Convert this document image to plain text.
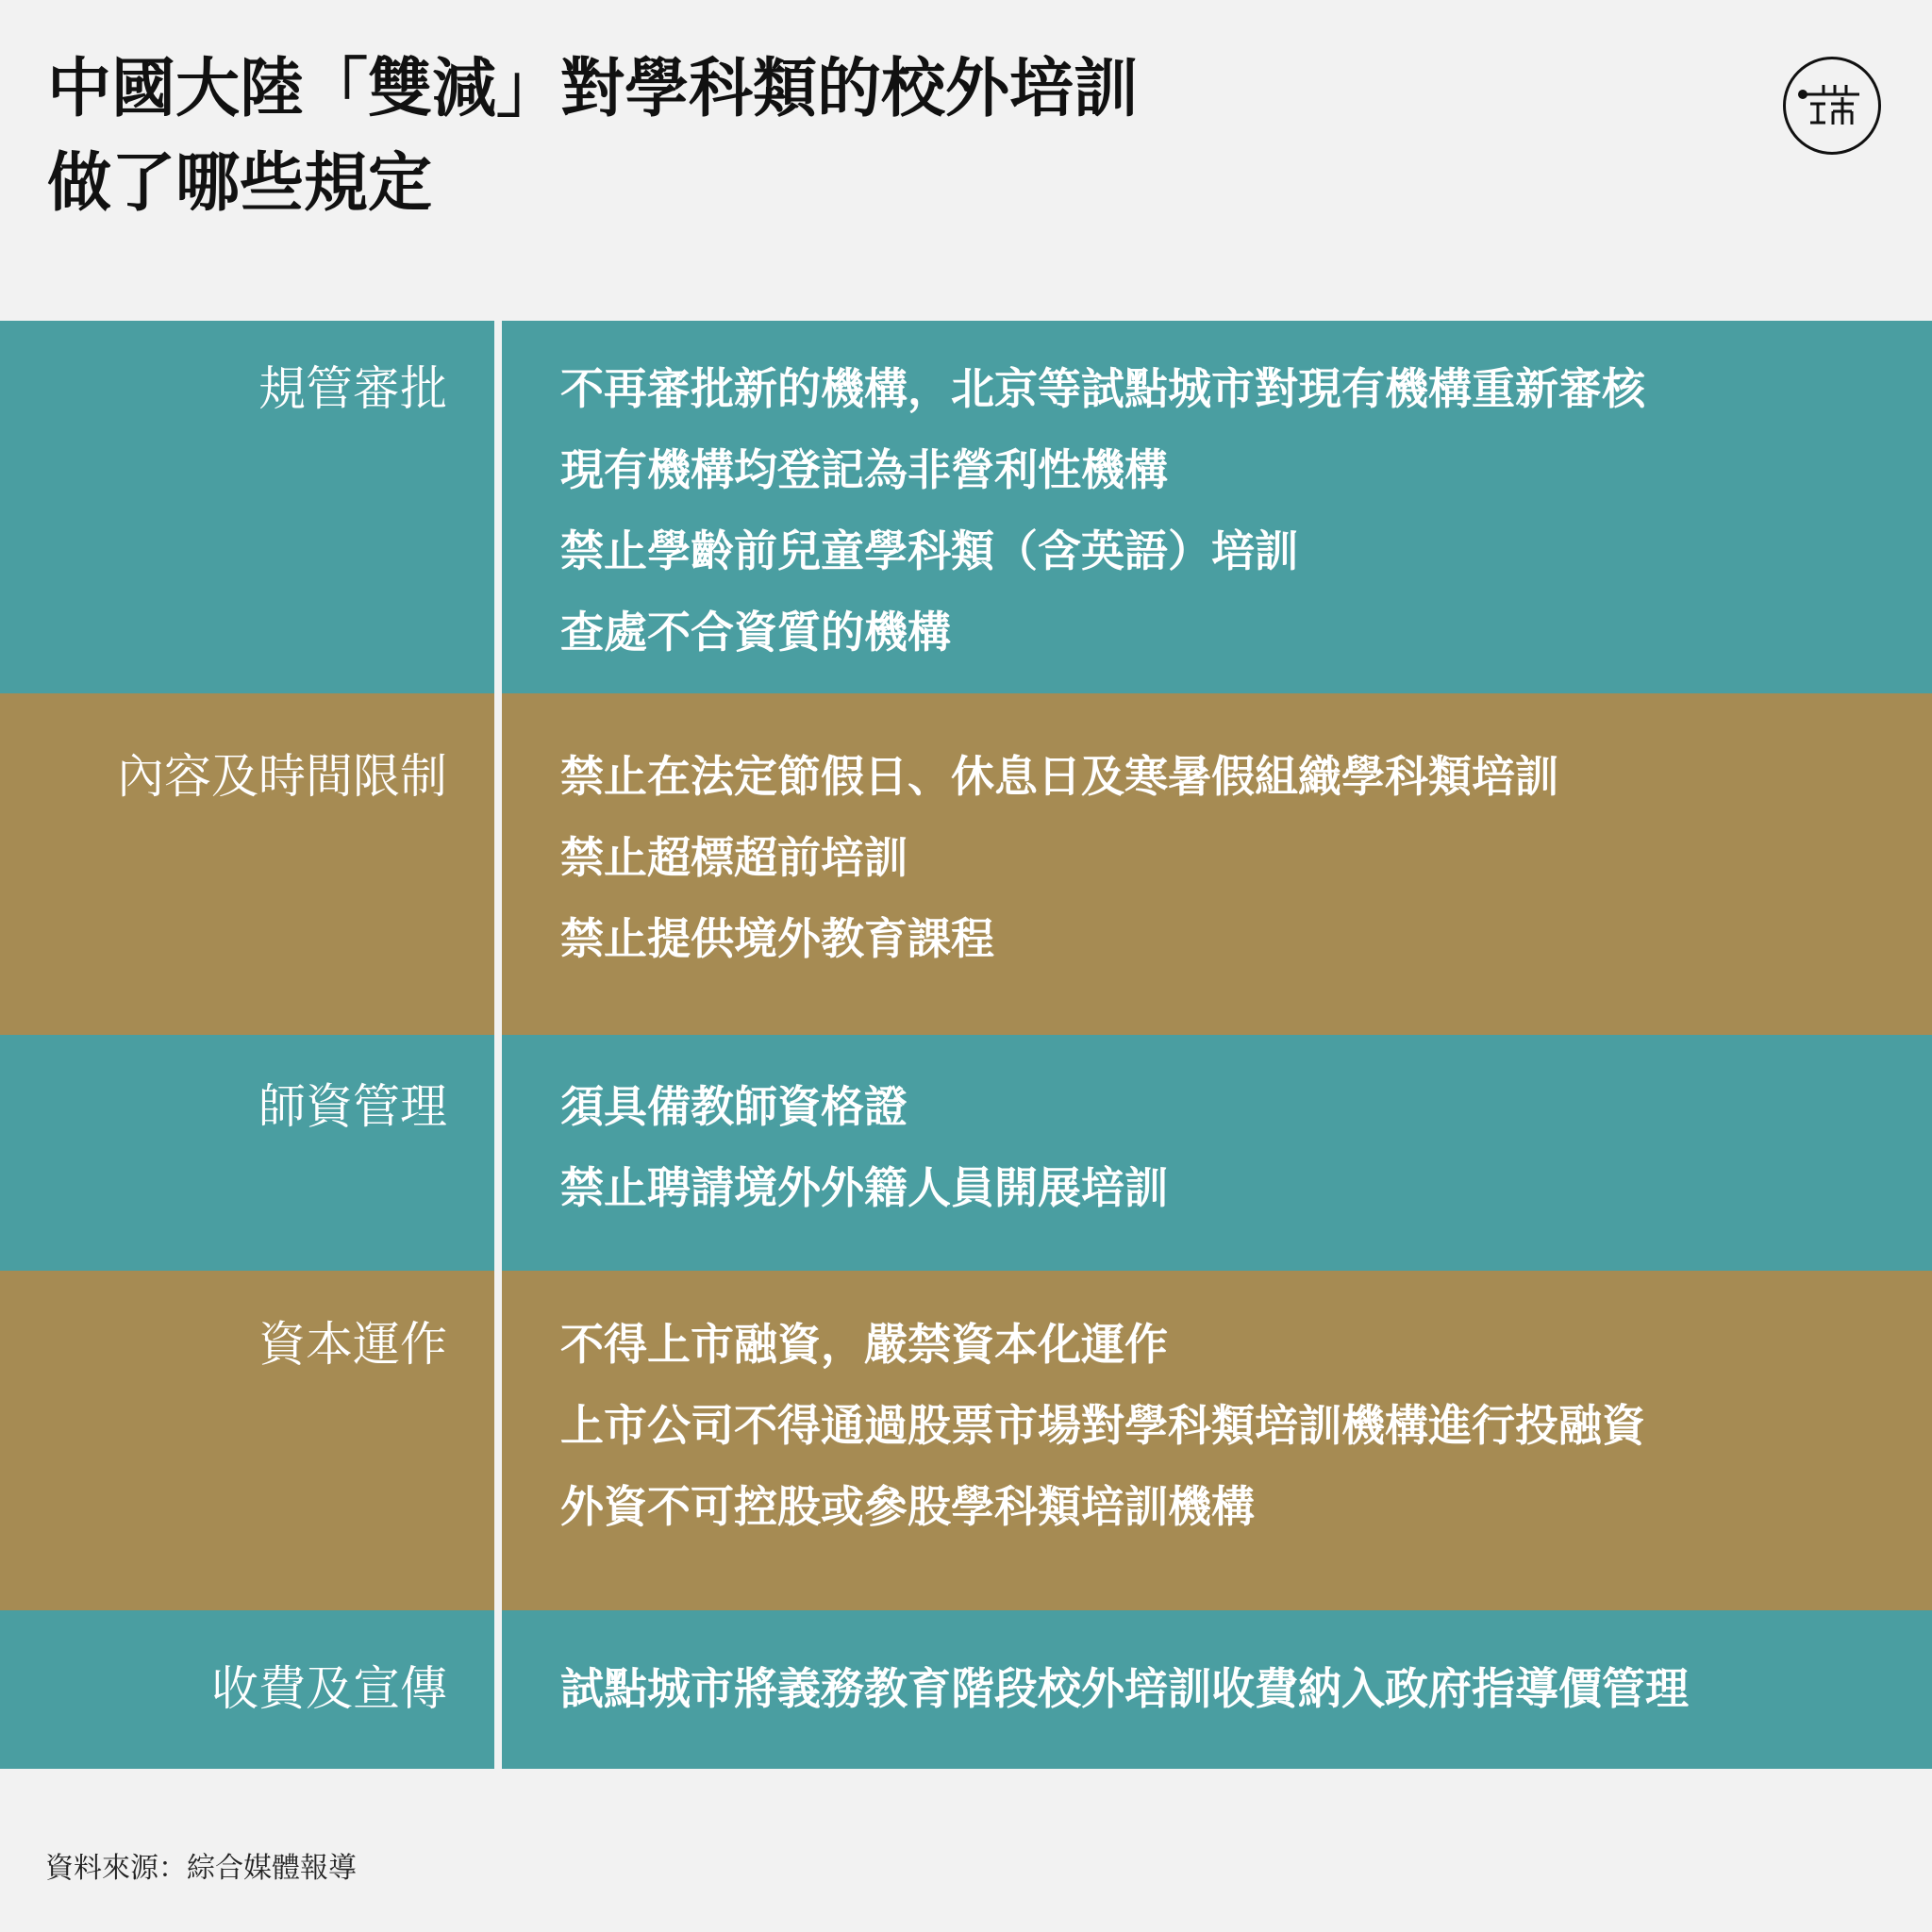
中國大陸「雙減」對學科類的校外培訓
做了哪些規定
規管審批	不再審批新的機構，北京等試點城市對現有機構重新審核
現有機構均登記為非營利性機構
禁止學齡前兒童學科類（含英語）培訓
查處不合資質的機構
內容及時間限制	禁止在法定節假日、休息日及寒暑假組織學科類培訓
禁止超標超前培訓
禁止提供境外教育課程
師資管理	須具備教師資格證
禁止聘請境外外籍人員開展培訓
資本運作	不得上市融資，嚴禁資本化運作
上市公司不得通過股票市場對學科類培訓機構進行投融資
外資不可控股或參股學科類培訓機構
收費及宣傳	試點城市將義務教育階段校外培訓收費納入政府指導價管理

資料來源：綜合媒體報導
